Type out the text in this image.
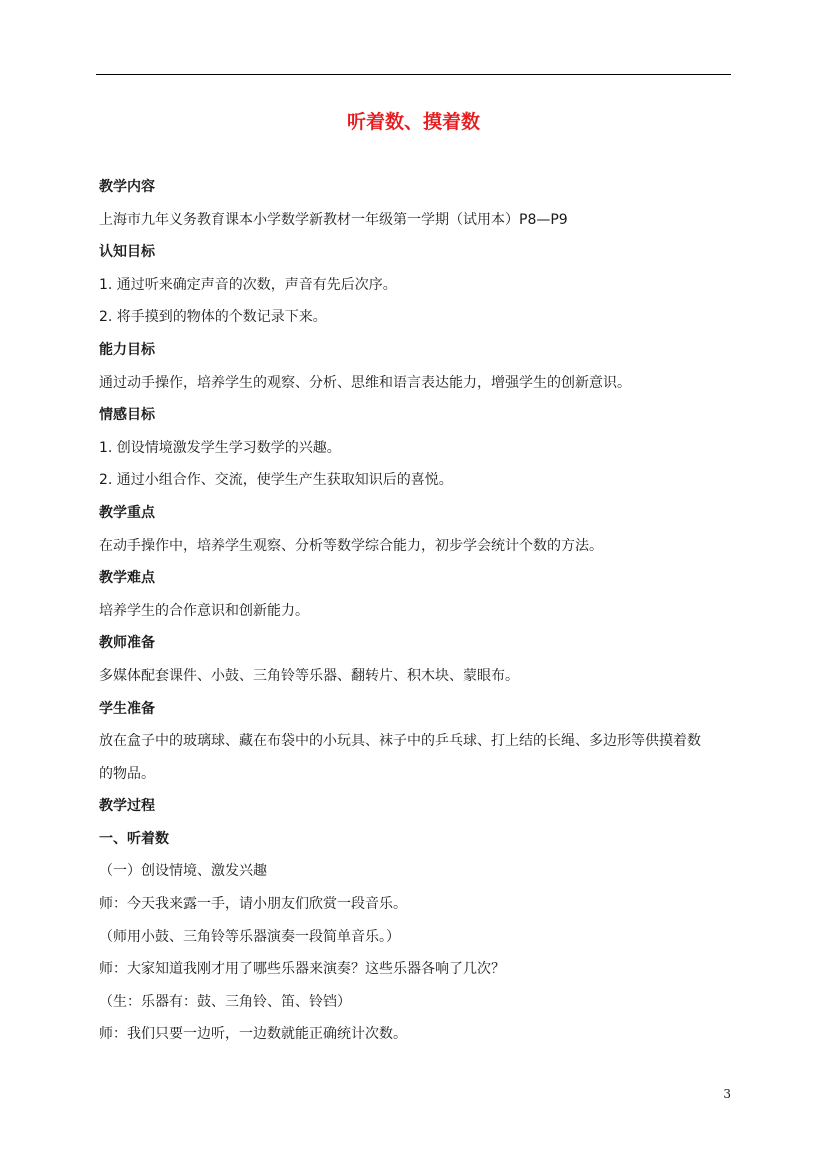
听着数、摸着数
教学内容
上海市九年义务教育课本小学数学新教材一年级第一学期（试用本）P8—P9
认知目标
1. 通过听来确定声音的次数，声音有先后次序。
2. 将手摸到的物体的个数记录下来。
能力目标
通过动手操作，培养学生的观察、分析、思维和语言表达能力，增强学生的创新意识。
情感目标
1. 创设情境激发学生学习数学的兴趣。
2. 通过小组合作、交流，使学生产生获取知识后的喜悦。
教学重点
在动手操作中，培养学生观察、分析等数学综合能力，初步学会统计个数的方法。
教学难点
培养学生的合作意识和创新能力。
教师准备
多媒体配套课件、小鼓、三角铃等乐器、翻转片、积木块、蒙眼布。
学生准备
放在盒子中的玻璃球、藏在布袋中的小玩具、袜子中的乒乓球、打上结的长绳、多边形等供摸着数
的物品。
教学过程
一、听着数
（一）创设情境、激发兴趣
师：今天我来露一手，请小朋友们欣赏一段音乐。
（师用小鼓、三角铃等乐器演奏一段简单音乐。）
师：大家知道我刚才用了哪些乐器来演奏？这些乐器各响了几次？
（生：乐器有：鼓、三角铃、笛、铃铛）
师：我们只要一边听，一边数就能正确统计次数。
3
